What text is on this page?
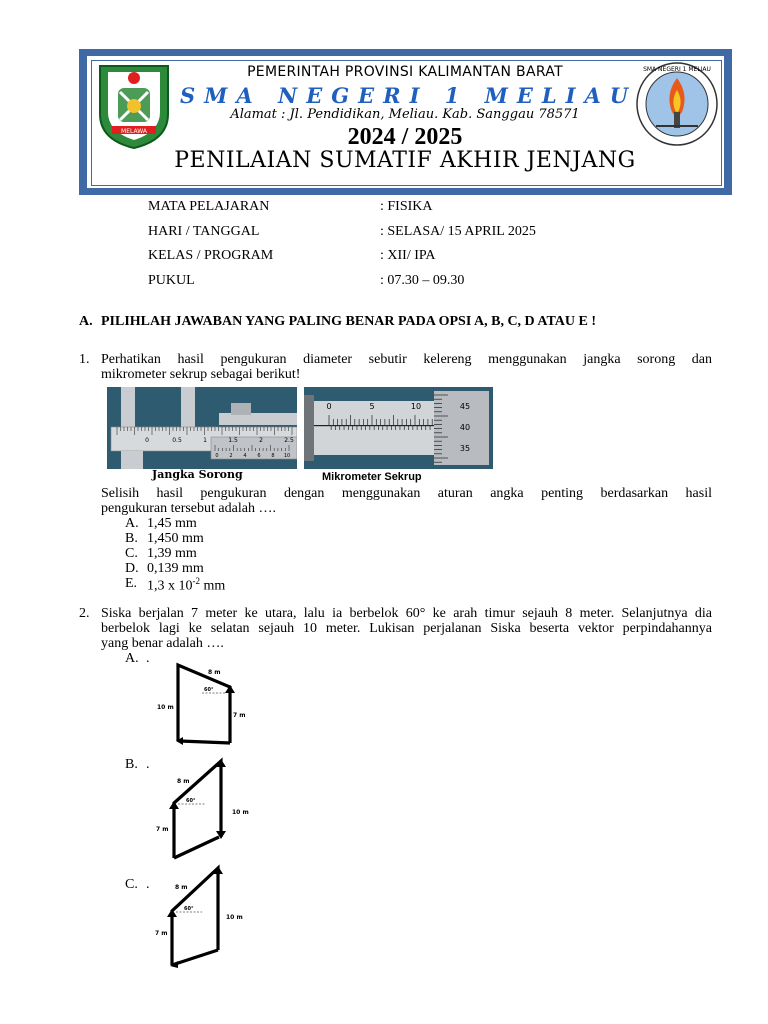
MELAWA
SMA NEGERI 1 MELIAU
PEMERINTAH PROVINSI KALIMANTAN BARAT
SMA NEGERI 1 MELIAU
Alamat : Jl. Pendidikan, Meliau. Kab. Sanggau 78571
2024 / 2025
PENILAIAN SUMATIF AKHIR JENJANG
MATA PELAJARAN	: FISIKA
HARI / TANGGAL	: SELASA/ 15 APRIL 2025
KELAS / PROGRAM	: XII/ IPA
PUKUL	: 07.30 – 09.30
A. PILIHLAH JAWABAN YANG PALING BENAR PADA OPSI A, B, C, D ATAU E !
1. Perhatikan hasil pengukuran diameter sebutir kelereng menggunakan jangka sorong dan
mikrometer sekrup sebagai berikut!
0	0.5	1	1.5	2	2.5
0 2 4 6 8 10
Jangka Sorong
0	5	10	45
40
35
Mikrometer Sekrup
Selisih hasil pengukuran dengan menggunakan aturan angka penting berdasarkan hasil
pengukuran tersebut adalah ….
A. 1,45 mm
B. 1,450 mm
C. 1,39 mm
D. 0,139 mm
E. 1,3 x $10^{-2}$ mm
2. Siska berjalan 7 meter ke utara, lalu ia berbelok 60° ke arah timur sejauh 8 meter. Selanjutnya dia
berbelok lagi ke selatan sejauh 10 meter. Lukisan perjalanan Siska beserta vektor perpindahannya
yang benar adalah ….
A. .
8 m
60°
10 m
7 m
B. .
8 m
60°
7 m
10 m
C. .	8 m
60°
7 m
10 m
